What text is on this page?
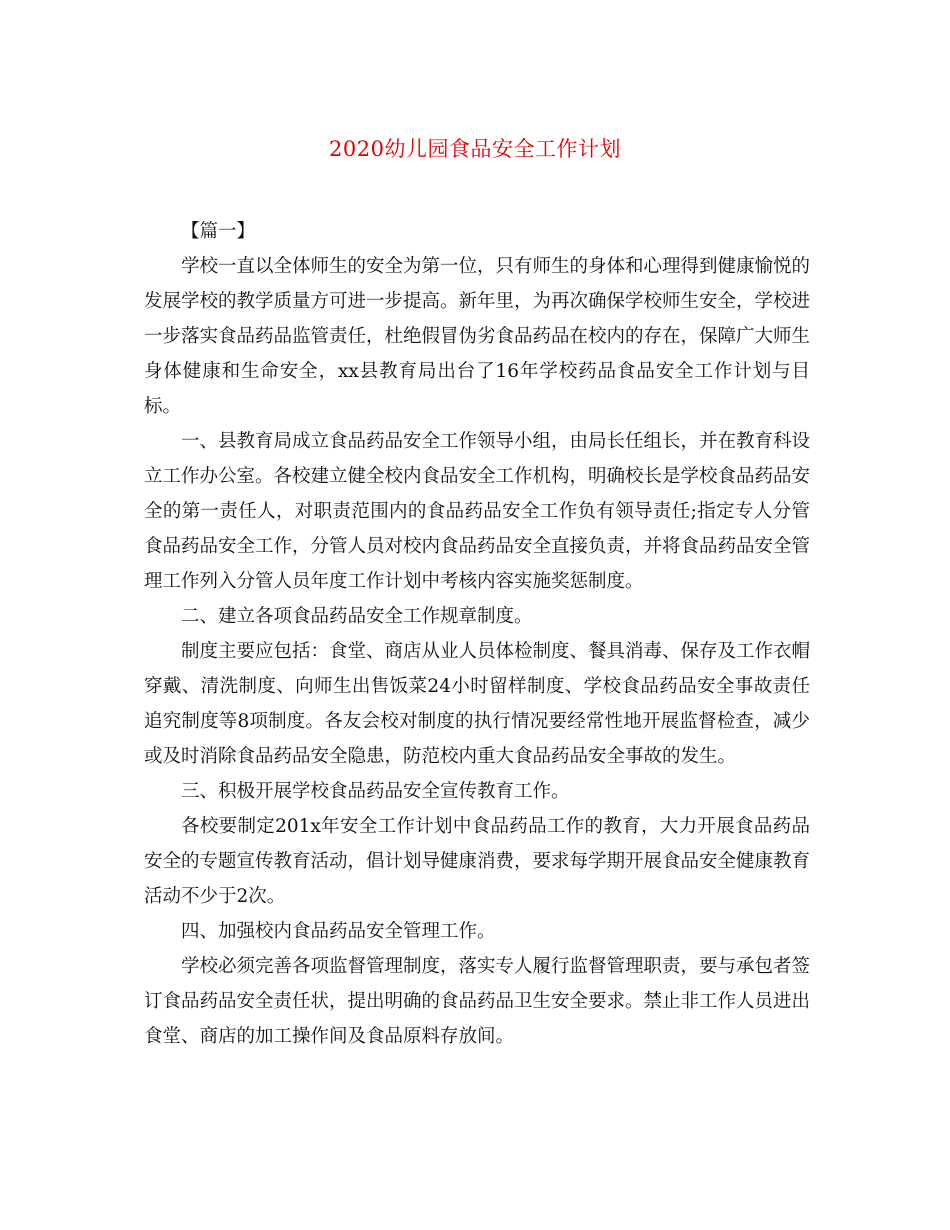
2020幼儿园食品安全工作计划

【篇一】

学校一直以全体师生的安全为第一位，只有师生的身体和心理得到健康愉悦的发展学校的教学质量方可进一步提高。新年里，为再次确保学校师生安全，学校进一步落实食品药品监管责任，杜绝假冒伪劣食品药品在校内的存在，保障广大师生身体健康和生命安全，xx县教育局出台了16年学校药品食品安全工作计划与目标。

一、县教育局成立食品药品安全工作领导小组，由局长任组长，并在教育科设立工作办公室。各校建立健全校内食品安全工作机构，明确校长是学校食品药品安全的第一责任人，对职责范围内的食品药品安全工作负有领导责任;指定专人分管食品药品安全工作，分管人员对校内食品药品安全直接负责，并将食品药品安全管理工作列入分管人员年度工作计划中考核内容实施奖惩制度。

二、建立各项食品药品安全工作规章制度。

制度主要应包括：食堂、商店从业人员体检制度、餐具消毒、保存及工作衣帽穿戴、清洗制度、向师生出售饭菜24小时留样制度、学校食品药品安全事故责任追究制度等8项制度。各友会校对制度的执行情况要经常性地开展监督检查，减少或及时消除食品药品安全隐患，防范校内重大食品药品安全事故的发生。

三、积极开展学校食品药品安全宣传教育工作。

各校要制定201x年安全工作计划中食品药品工作的教育，大力开展食品药品安全的专题宣传教育活动，倡计划导健康消费，要求每学期开展食品安全健康教育活动不少于2次。

四、加强校内食品药品安全管理工作。

学校必须完善各项监督管理制度，落实专人履行监督管理职责，要与承包者签订食品药品安全责任状，提出明确的食品药品卫生安全要求。禁止非工作人员进出食堂、商店的加工操作间及食品原料存放间。
